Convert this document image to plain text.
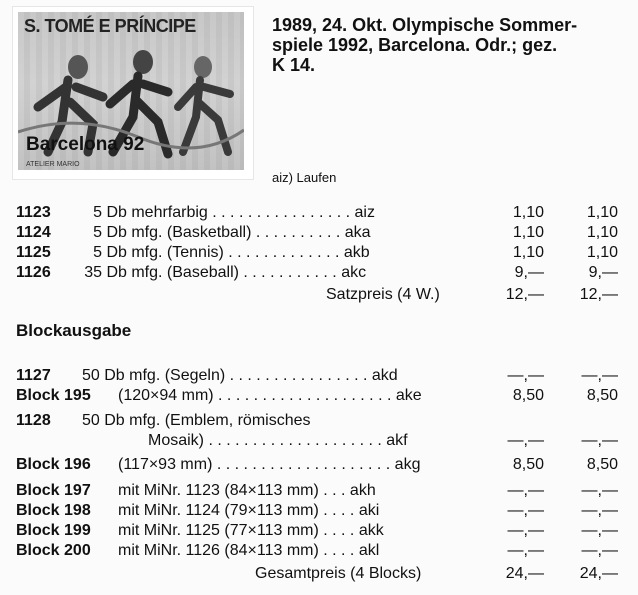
S. TOMÉ E PRÍNCIPE
Barcelona 92
ATELIER MARIO
1989, 24. Okt. Olympische Sommer-
spiele 1992, Barcelona. Odr.; gez.
K 14.
aiz) Laufen
1123	5 Db mehrfarbig . . . . . . . . . . . . . . . . aiz	1,10	1,10
1124	5 Db mfg. (Basketball) . . . . . . . . . . aka	1,10	1,10
1125	5 Db mfg. (Tennis) . . . . . . . . . . . . . akb	1,10	1,10
1126 35 Db mfg. (Baseball) . . . . . . . . . . . akc	9,—	9,—
Satzpreis (4 W.)	12,—	12,—
Blockausgabe
1127 50 Db mfg. (Segeln) . . . . . . . . . . . . . . . . akd	—,—	—,—
Block 195 (120×94 mm) . . . . . . . . . . . . . . . . . . . . ake	8,50	8,50
1128 50 Db mfg. (Emblem, römisches
Mosaik) . . . . . . . . . . . . . . . . . . . . akf	—,—	—,—
Block 196 (117×93 mm) . . . . . . . . . . . . . . . . . . . . akg	8,50	8,50
Block 197 mit MiNr. 1123 (84×113 mm) . . . akh	—,—	—,—
Block 198 mit MiNr. 1124 (79×113 mm) . . . . aki	—,—	—,—
Block 199 mit MiNr. 1125 (77×113 mm) . . . . akk	—,—	—,—
Block 200 mit MiNr. 1126 (84×113 mm) . . . . akl	—,—	—,—
Gesamtpreis (4 Blocks)	24,—	24,—
